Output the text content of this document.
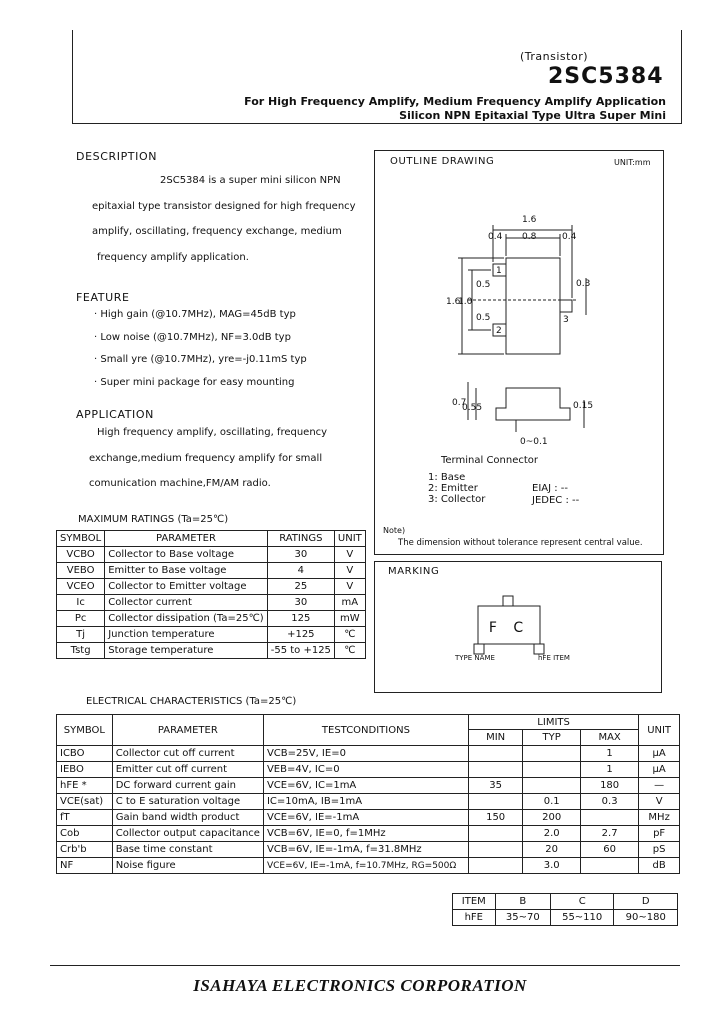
(Transistor)
2SC5384
For High Frequency Amplify, Medium Frequency Amplify Application
Silicon NPN Epitaxial Type Ultra Super Mini
DESCRIPTION
2SC5384 is a super mini silicon NPN
epitaxial type transistor designed for high frequency
amplify, oscillating, frequency exchange, medium
frequency amplify application.
FEATURE
· High gain (@10.7MHz), MAG=45dB typ
· Low noise (@10.7MHz), NF=3.0dB typ
· Small yre (@10.7MHz), yre=-j0.11mS typ
· Super mini package for easy mounting
APPLICATION
High frequency amplify, oscillating, frequency
exchange,medium frequency amplify for small
comunication machine,FM/AM radio.
MAXIMUM RATINGS (Ta=25℃)
SYMBOL	PARAMETER	RATINGS	UNIT
VCBO	Collector to Base voltage	30	V
VEBO	Emitter to Base voltage	4	V
VCEO	Collector to Emitter voltage	25	V
Ic	Collector current	30	mA
Pc	Collector dissipation (Ta=25℃)	125	mW
Tj	Junction temperature	+125	℃
Tstg	Storage temperature	-55 to +125	℃
OUTLINE DRAWING	UNIT:mm
1.6
0.8
0.4	0.4
1.6
1.0
0.5
0.5
0.3
0.7
0.55	0.15
0~0.1
1
2
3
Terminal Connector
1: Base
2: Emitter
3: Collector
EIAJ : --
JEDEC : --
Note)
The dimension without tolerance represent central value.
MARKING
F C
TYPE NAME	hFE ITEM
ELECTRICAL CHARACTERISTICS (Ta=25℃)
SYMBOL	PARAMETER	TESTCONDITIONS	LIMITS			UNIT
			MIN	TYP	MAX	
ICBO	Collector cut off current	VCB=25V, IE=0			1	μA
IEBO	Emitter cut off current	VEB=4V, IC=0			1	μA
hFE *	DC forward current gain	VCE=6V, IC=1mA	35		180	—
VCE(sat)	C to E saturation voltage	IC=10mA, IB=1mA		0.1	0.3	V
fT	Gain band width product	VCE=6V, IE=-1mA	150	200		MHz
Cob	Collector output capacitance	VCB=6V, IE=0, f=1MHz		2.0	2.7	pF
Crb'b	Base time constant	VCB=6V, IE=-1mA, f=31.8MHz		20	60	pS
NF	Noise figure	VCE=6V, IE=-1mA, f=10.7MHz, RG=500Ω		3.0		dB
ITEM	B	C	D
hFE	35~70	55~110	90~180
ISAHAYA ELECTRONICS CORPORATION
